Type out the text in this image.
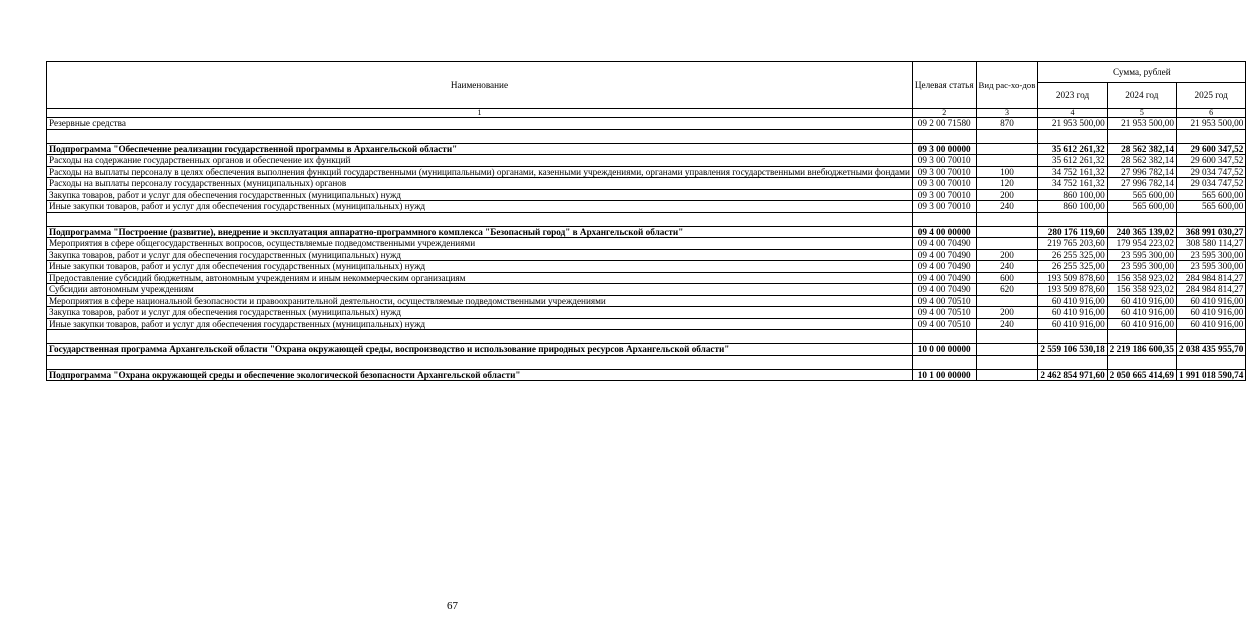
Наименование	Целевая статья	Вид рас-хо-дов	Сумма, рублей		
			2023 год	2024 год	2025 год
1	2	3	4	5	6
Резервные средства	09 2 00 71580	870	21 953 500,00	21 953 500,00	21 953 500,00

Подпрограмма "Обеспечение реализации государственной программы в Архангельской области"	09 3 00 00000		35 612 261,32	28 562 382,14	29 600 347,52
Расходы на содержание государственных органов и обеспечение их функций	09 3 00 70010		35 612 261,32	28 562 382,14	29 600 347,52
Расходы на выплаты персоналу в целях обеспечения выполнения функций государственными (муниципальными) органами, казенными учреждениями, органами управления государственными внебюджетными фондами	09 3 00 70010	100	34 752 161,32	27 996 782,14	29 034 747,52
Расходы на выплаты персоналу государственных (муниципальных) органов	09 3 00 70010	120	34 752 161,32	27 996 782,14	29 034 747,52
Закупка товаров, работ и услуг для обеспечения государственных (муниципальных) нужд	09 3 00 70010	200	860 100,00	565 600,00	565 600,00
Иные закупки товаров, работ и услуг для обеспечения государственных (муниципальных) нужд	09 3 00 70010	240	860 100,00	565 600,00	565 600,00

Подпрограмма "Построение (развитие), внедрение и эксплуатация аппаратно-программного комплекса "Безопасный город" в Архангельской области"	09 4 00 00000		280 176 119,60	240 365 139,02	368 991 030,27
Мероприятия в сфере общегосударственных вопросов, осуществляемые подведомственными учреждениями	09 4 00 70490		219 765 203,60	179 954 223,02	308 580 114,27
Закупка товаров, работ и услуг для обеспечения государственных (муниципальных) нужд	09 4 00 70490	200	26 255 325,00	23 595 300,00	23 595 300,00
Иные закупки товаров, работ и услуг для обеспечения государственных (муниципальных) нужд	09 4 00 70490	240	26 255 325,00	23 595 300,00	23 595 300,00
Предоставление субсидий бюджетным, автономным учреждениям и иным некоммерческим организациям	09 4 00 70490	600	193 509 878,60	156 358 923,02	284 984 814,27
Субсидии автономным учреждениям	09 4 00 70490	620	193 509 878,60	156 358 923,02	284 984 814,27
Мероприятия в сфере национальной безопасности и правоохранительной деятельности, осуществляемые подведомственными учреждениями	09 4 00 70510		60 410 916,00	60 410 916,00	60 410 916,00
Закупка товаров, работ и услуг для обеспечения государственных (муниципальных) нужд	09 4 00 70510	200	60 410 916,00	60 410 916,00	60 410 916,00
Иные закупки товаров, работ и услуг для обеспечения государственных (муниципальных) нужд	09 4 00 70510	240	60 410 916,00	60 410 916,00	60 410 916,00

Государственная программа Архангельской области "Охрана окружающей среды, воспроизводство и использование природных ресурсов Архангельской области"	10 0 00 00000		2 559 106 530,18	2 219 186 600,35	2 038 435 955,70

Подпрограмма "Охрана окружающей среды и обеспечение экологической безопасности Архангельской области"	10 1 00 00000		2 462 854 971,60	2 050 665 414,69	1 991 018 590,74
67
